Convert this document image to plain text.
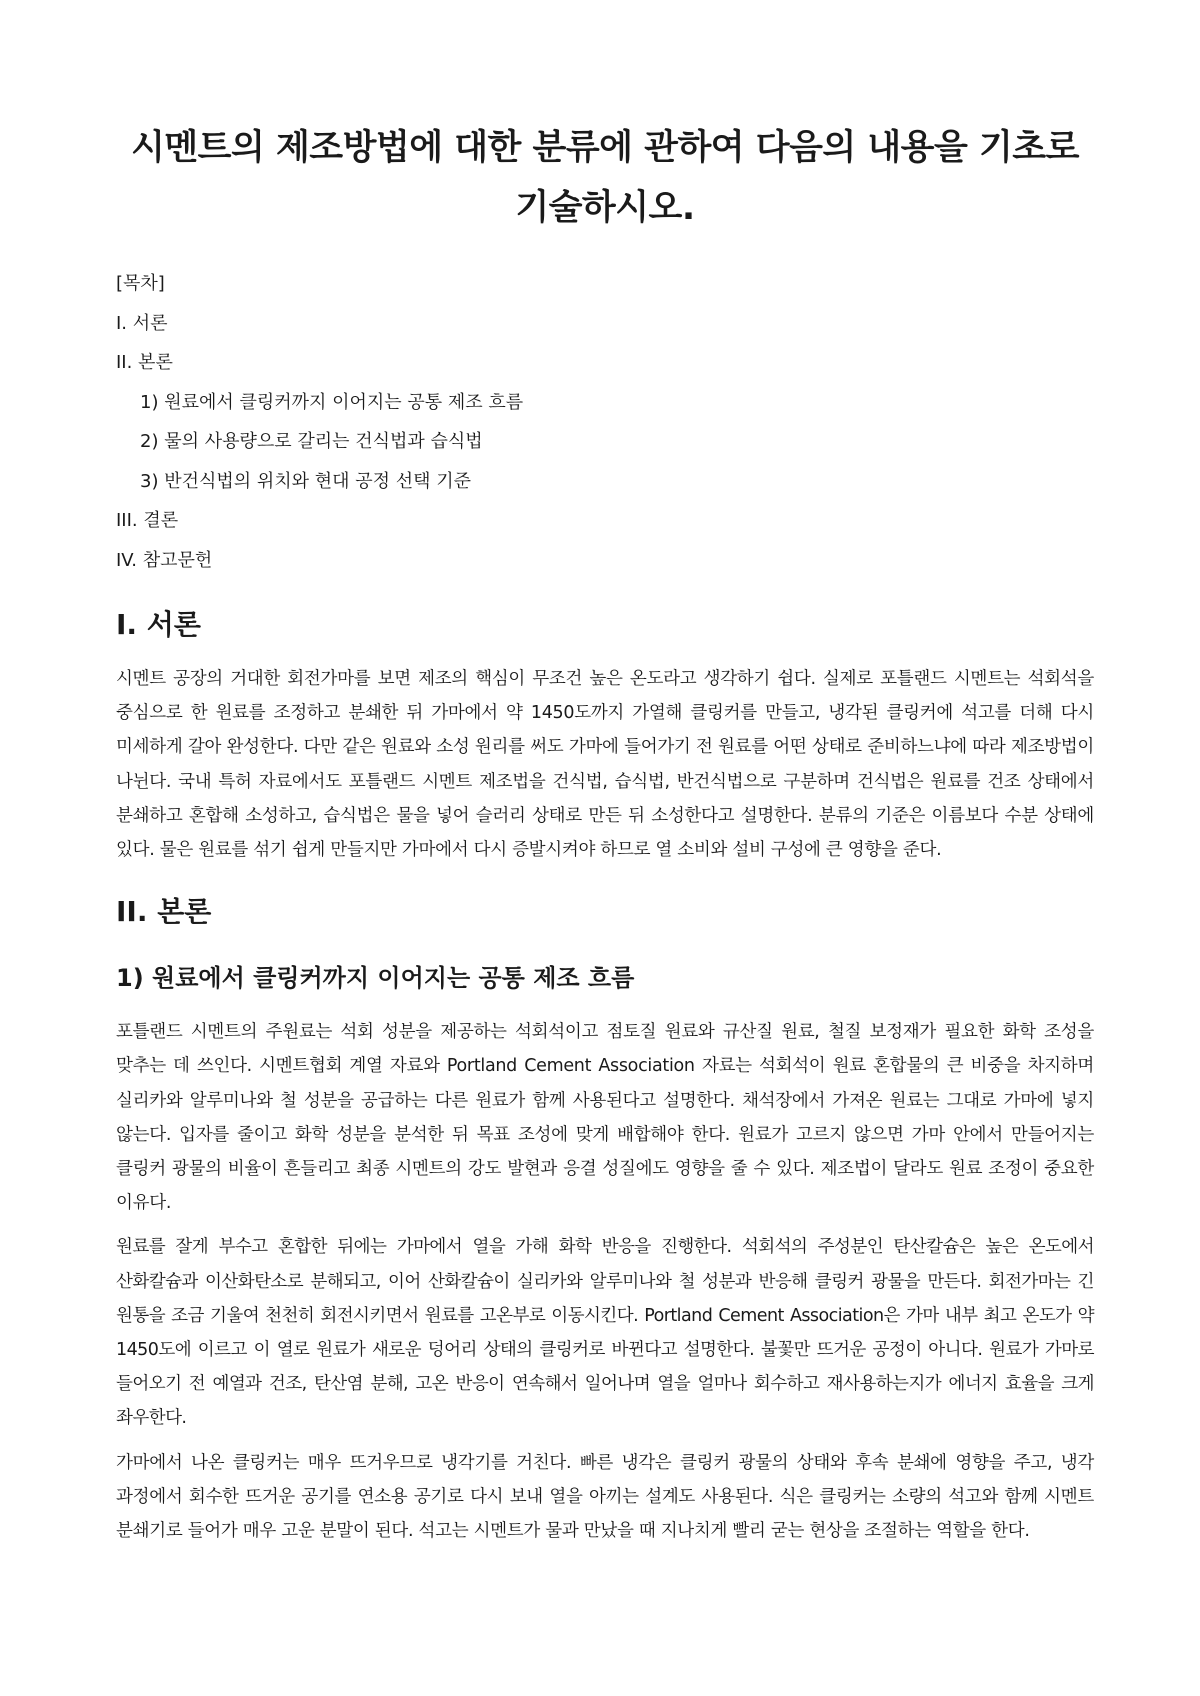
시멘트의 제조방법에 대한 분류에 관하여 다음의 내용을 기초로 기술하시오.

[목차]

I. 서론

II. 본론

1) 원료에서 클링커까지 이어지는 공통 제조 흐름

2) 물의 사용량으로 갈리는 건식법과 습식법

3) 반건식법의 위치와 현대 공정 선택 기준

III. 결론

IV. 참고문헌

I. 서론

시멘트 공장의 거대한 회전가마를 보면 제조의 핵심이 무조건 높은 온도라고 생각하기 쉽다. 실제로 포틀랜드 시멘트는 석회석을 중심으로 한 원료를 조정하고 분쇄한 뒤 가마에서 약 1450도까지 가열해 클링커를 만들고, 냉각된 클링커에 석고를 더해 다시 미세하게 갈아 완성한다. 다만 같은 원료와 소성 원리를 써도 가마에 들어가기 전 원료를 어떤 상태로 준비하느냐에 따라 제조방법이 나뉜다. 국내 특허 자료에서도 포틀랜드 시멘트 제조법을 건식법, 습식법, 반건식법으로 구분하며 건식법은 원료를 건조 상태에서 분쇄하고 혼합해 소성하고, 습식법은 물을 넣어 슬러리 상태로 만든 뒤 소성한다고 설명한다. 분류의 기준은 이름보다 수분 상태에 있다. 물은 원료를 섞기 쉽게 만들지만 가마에서 다시 증발시켜야 하므로 열 소비와 설비 구성에 큰 영향을 준다.

II. 본론
1) 원료에서 클링커까지 이어지는 공통 제조 흐름

포틀랜드 시멘트의 주원료는 석회 성분을 제공하는 석회석이고 점토질 원료와 규산질 원료, 철질 보정재가 필요한 화학 조성을 맞추는 데 쓰인다. 시멘트협회 계열 자료와 Portland Cement Association 자료는 석회석이 원료 혼합물의 큰 비중을 차지하며 실리카와 알루미나와 철 성분을 공급하는 다른 원료가 함께 사용된다고 설명한다. 채석장에서 가져온 원료는 그대로 가마에 넣지 않는다. 입자를 줄이고 화학 성분을 분석한 뒤 목표 조성에 맞게 배합해야 한다. 원료가 고르지 않으면 가마 안에서 만들어지는 클링커 광물의 비율이 흔들리고 최종 시멘트의 강도 발현과 응결 성질에도 영향을 줄 수 있다. 제조법이 달라도 원료 조정이 중요한 이유다.

원료를 잘게 부수고 혼합한 뒤에는 가마에서 열을 가해 화학 반응을 진행한다. 석회석의 주성분인 탄산칼슘은 높은 온도에서 산화칼슘과 이산화탄소로 분해되고, 이어 산화칼슘이 실리카와 알루미나와 철 성분과 반응해 클링커 광물을 만든다. 회전가마는 긴 원통을 조금 기울여 천천히 회전시키면서 원료를 고온부로 이동시킨다. Portland Cement Association은 가마 내부 최고 온도가 약 1450도에 이르고 이 열로 원료가 새로운 덩어리 상태의 클링커로 바뀐다고 설명한다. 불꽃만 뜨거운 공정이 아니다. 원료가 가마로 들어오기 전 예열과 건조, 탄산염 분해, 고온 반응이 연속해서 일어나며 열을 얼마나 회수하고 재사용하는지가 에너지 효율을 크게 좌우한다.

가마에서 나온 클링커는 매우 뜨거우므로 냉각기를 거친다. 빠른 냉각은 클링커 광물의 상태와 후속 분쇄에 영향을 주고, 냉각 과정에서 회수한 뜨거운 공기를 연소용 공기로 다시 보내 열을 아끼는 설계도 사용된다. 식은 클링커는 소량의 석고와 함께 시멘트 분쇄기로 들어가 매우 고운 분말이 된다. 석고는 시멘트가 물과 만났을 때 지나치게 빨리 굳는 현상을 조절하는 역할을 한다.
